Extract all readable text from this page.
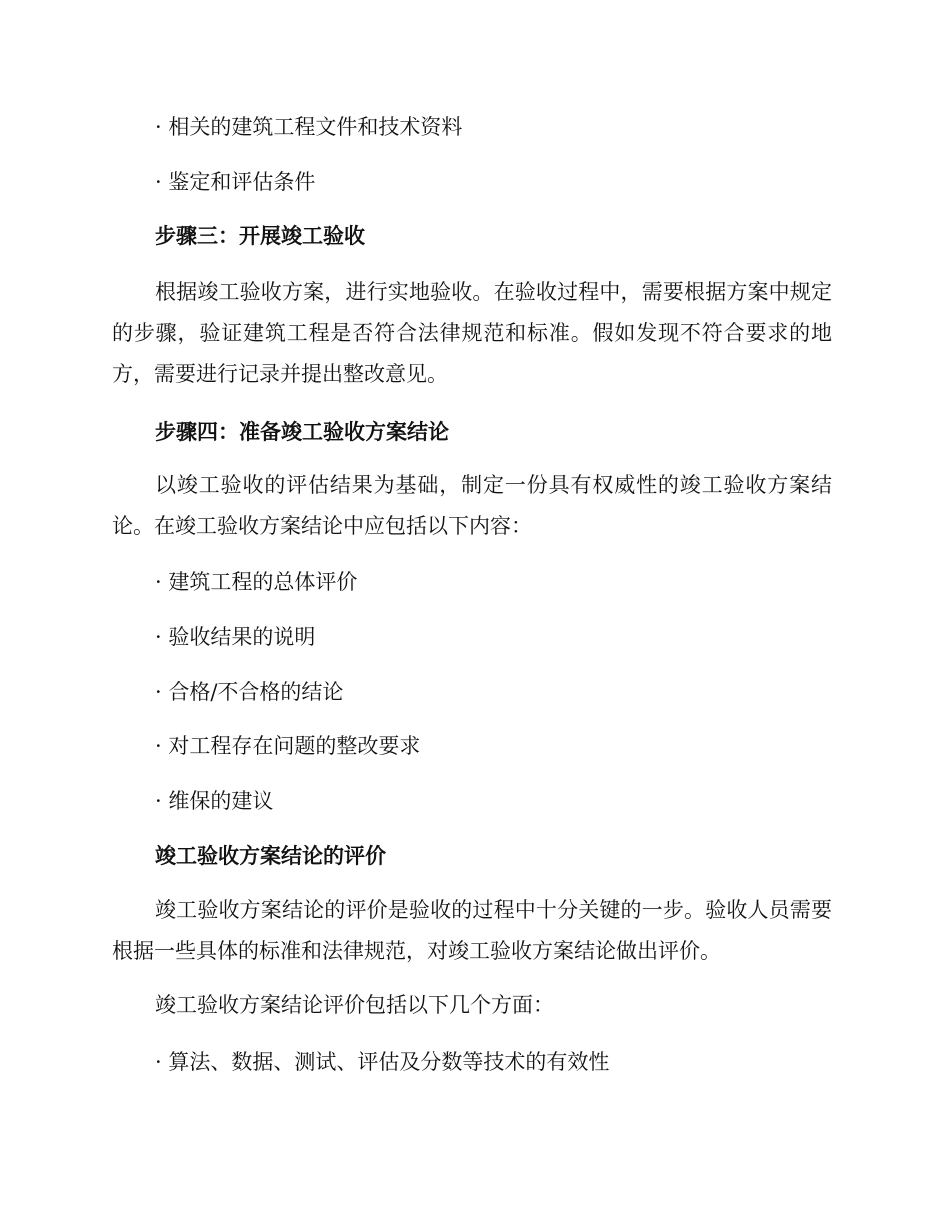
· 相关的建筑工程文件和技术资料
· 鉴定和评估条件
步骤三：开展竣工验收
根据竣工验收方案，进行实地验收。在验收过程中，需要根据方案中规定的步骤，验证建筑工程是否符合法律规范和标准。假如发现不符合要求的地方，需要进行记录并提出整改意见。
步骤四：准备竣工验收方案结论
以竣工验收的评估结果为基础，制定一份具有权威性的竣工验收方案结论。在竣工验收方案结论中应包括以下内容：
· 建筑工程的总体评价
· 验收结果的说明
· 合格/不合格的结论
· 对工程存在问题的整改要求
· 维保的建议
竣工验收方案结论的评价
竣工验收方案结论的评价是验收的过程中十分关键的一步。验收人员需要根据一些具体的标准和法律规范，对竣工验收方案结论做出评价。
竣工验收方案结论评价包括以下几个方面：
· 算法、数据、测试、评估及分数等技术的有效性
